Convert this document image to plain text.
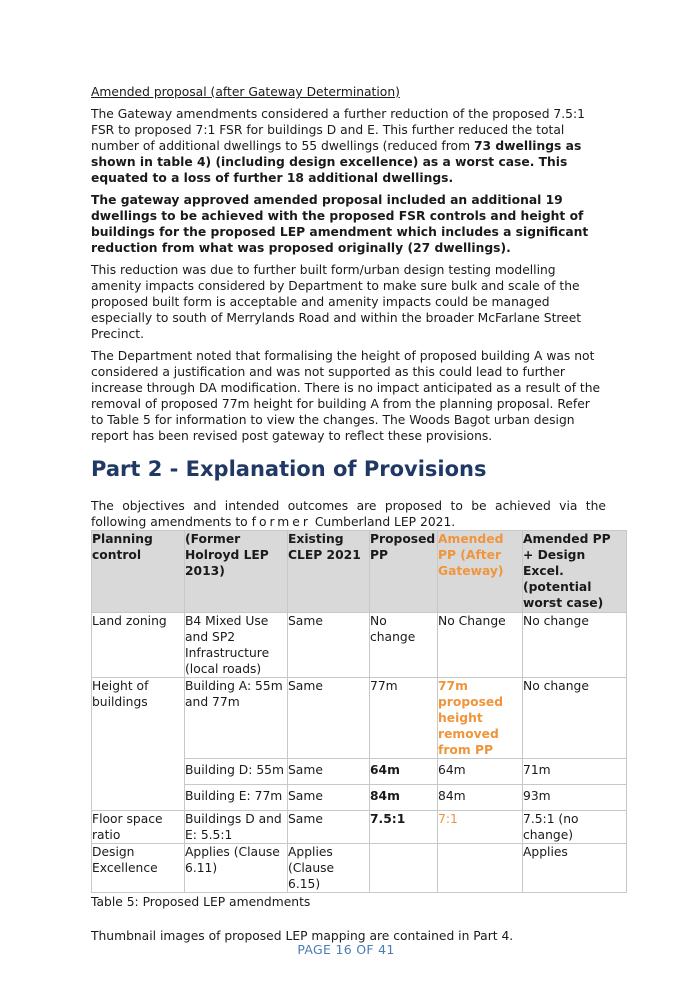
Amended proposal (after Gateway Determination)

The Gateway amendments considered a further reduction of the proposed 7.5:1 FSR to proposed 7:1 FSR for buildings D and E. This further reduced the total number of additional dwellings to 55 dwellings (reduced from 73 dwellings as shown in table 4) (including design excellence) as a worst case. This equated to a loss of further 18 additional dwellings.

The gateway approved amended proposal included an additional 19 dwellings to be achieved with the proposed FSR controls and height of buildings for the proposed LEP amendment which includes a significant reduction from what was proposed originally (27 dwellings).

This reduction was due to further built form/urban design testing modelling amenity impacts considered by Department to make sure bulk and scale of the proposed built form is acceptable and amenity impacts could be managed especially to south of Merrylands Road and within the broader McFarlane Street Precinct.

The Department noted that formalising the height of proposed building A was not considered a justification and was not supported as this could lead to further increase through DA modification. There is no impact anticipated as a result of the removal of proposed 77m height for building A from the planning proposal. Refer to Table 5 for information to view the changes. The Woods Bagot urban design report has been revised post gateway to reflect these provisions.

Part 2 - Explanation of Provisions

The objectives and intended outcomes are proposed to be achieved via the following amendments to former Cumberland LEP 2021.

Planning control	(Former Holroyd LEP 2013)	Existing CLEP 2021	Proposed PP	Amended PP (After Gateway)	Amended PP + Design Excel. (potential worst case)
Land zoning	B4 Mixed Use and SP2 Infrastructure (local roads)	Same	No change	No Change	No change
Height of buildings	Building A: 55m and 77m	Same	77m	77m proposed height removed from PP	No change
	Building D: 55m	Same	64m	64m	71m
	Building E: 77m	Same	84m	84m	93m
Floor space ratio	Buildings D and E: 5.5:1	Same	7.5:1	7:1	7.5:1 (no change)
Design Excellence	Applies (Clause 6.11)	Applies (Clause 6.15)			Applies

Table 5: Proposed LEP amendments

Thumbnail images of proposed LEP mapping are contained in Part 4.

PAGE 16 OF 41
